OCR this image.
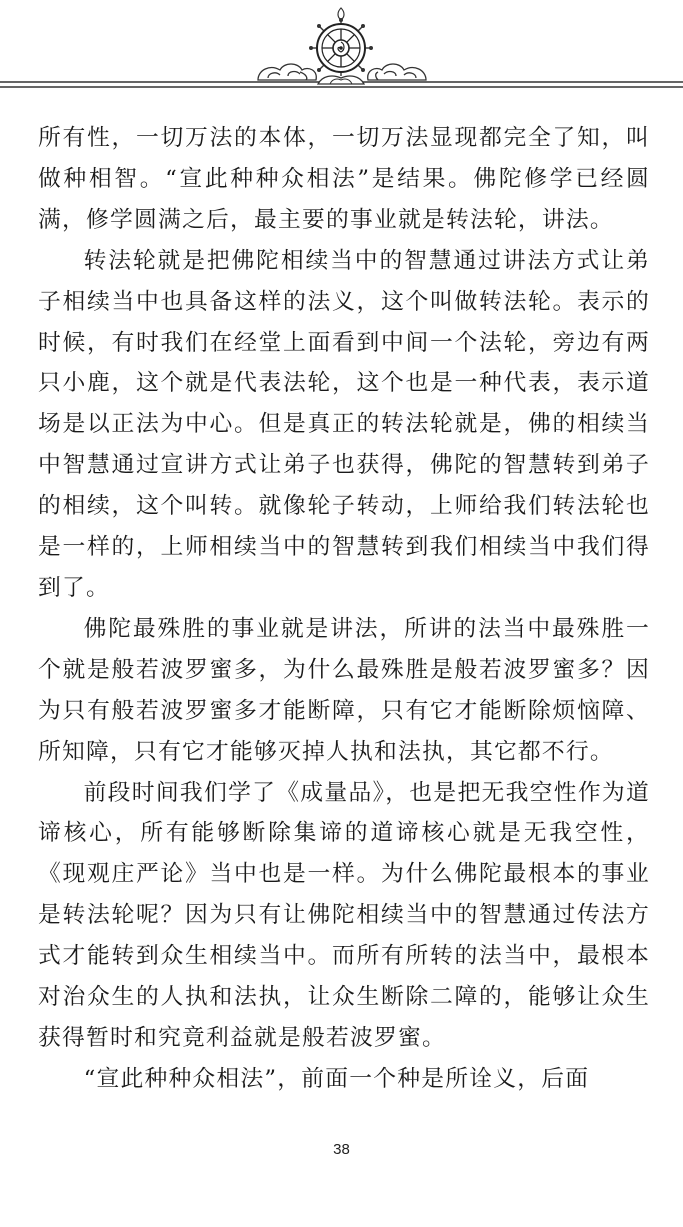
所有性，一切万法的本体，一切万法显现都完全了知，叫做种相智。“宣此种种众相法”是结果。佛陀修学已经圆满，修学圆满之后，最主要的事业就是转法轮，讲法。

转法轮就是把佛陀相续当中的智慧通过讲法方式让弟子相续当中也具备这样的法义，这个叫做转法轮。表示的时候，有时我们在经堂上面看到中间一个法轮，旁边有两只小鹿，这个就是代表法轮，这个也是一种代表，表示道场是以正法为中心。但是真正的转法轮就是，佛的相续当中智慧通过宣讲方式让弟子也获得，佛陀的智慧转到弟子的相续，这个叫转。就像轮子转动，上师给我们转法轮也是一样的，上师相续当中的智慧转到我们相续当中我们得到了。

佛陀最殊胜的事业就是讲法，所讲的法当中最殊胜一个就是般若波罗蜜多，为什么最殊胜是般若波罗蜜多？因为只有般若波罗蜜多才能断障，只有它才能断除烦恼障、所知障，只有它才能够灭掉人执和法执，其它都不行。

前段时间我们学了《成量品》，也是把无我空性作为道谛核心，所有能够断除集谛的道谛核心就是无我空性，《现观庄严论》当中也是一样。为什么佛陀最根本的事业是转法轮呢？因为只有让佛陀相续当中的智慧通过传法方式才能转到众生相续当中。而所有所转的法当中，最根本对治众生的人执和法执，让众生断除二障的，能够让众生获得暂时和究竟利益就是般若波罗蜜。

“宣此种种众相法”，前面一个种是所诠义，后面

38
